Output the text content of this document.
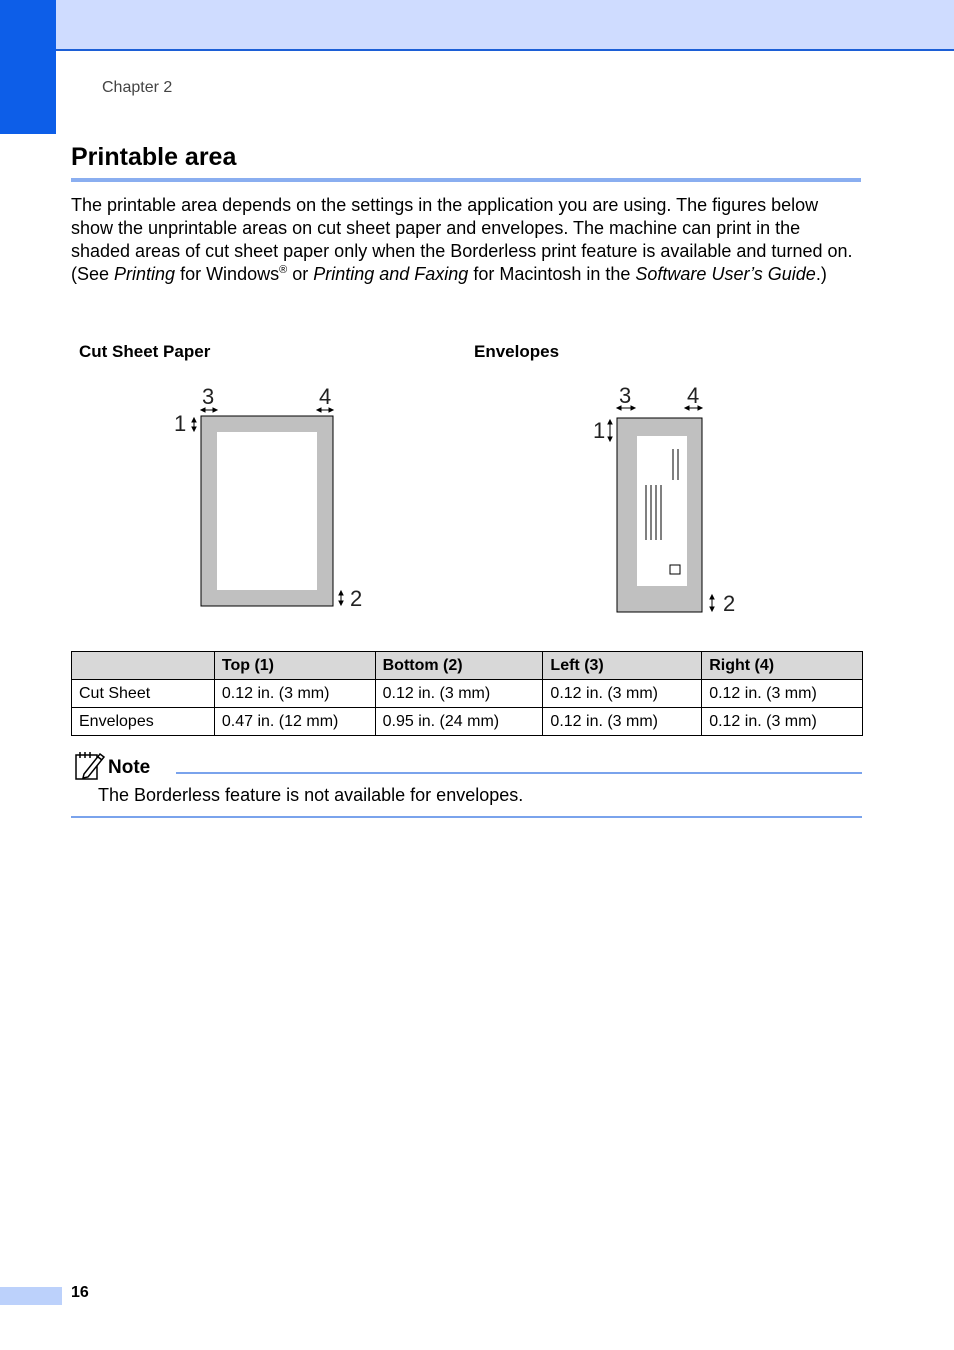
Chapter 2
Printable area

The printable area depends on the settings in the application you are using. The figures below show the unprintable areas on cut sheet paper and envelopes. The machine can print in the shaded areas of cut sheet paper only when the Borderless print feature is available and turned on. (See Printing for Windows® or Printing and Faxing for Macintosh in the Software User’s Guide.)

Cut Sheet Paper	Envelopes
3	4
1
2
3	4
1
2
	Top (1)	Bottom (2)	Left (3)	Right (4)
Cut Sheet	0.12 in. (3 mm)	0.12 in. (3 mm)	0.12 in. (3 mm)	0.12 in. (3 mm)
Envelopes	0.47 in. (12 mm)	0.95 in. (24 mm)	0.12 in. (3 mm)	0.12 in. (3 mm)
Note
The Borderless feature is not available for envelopes.
16
